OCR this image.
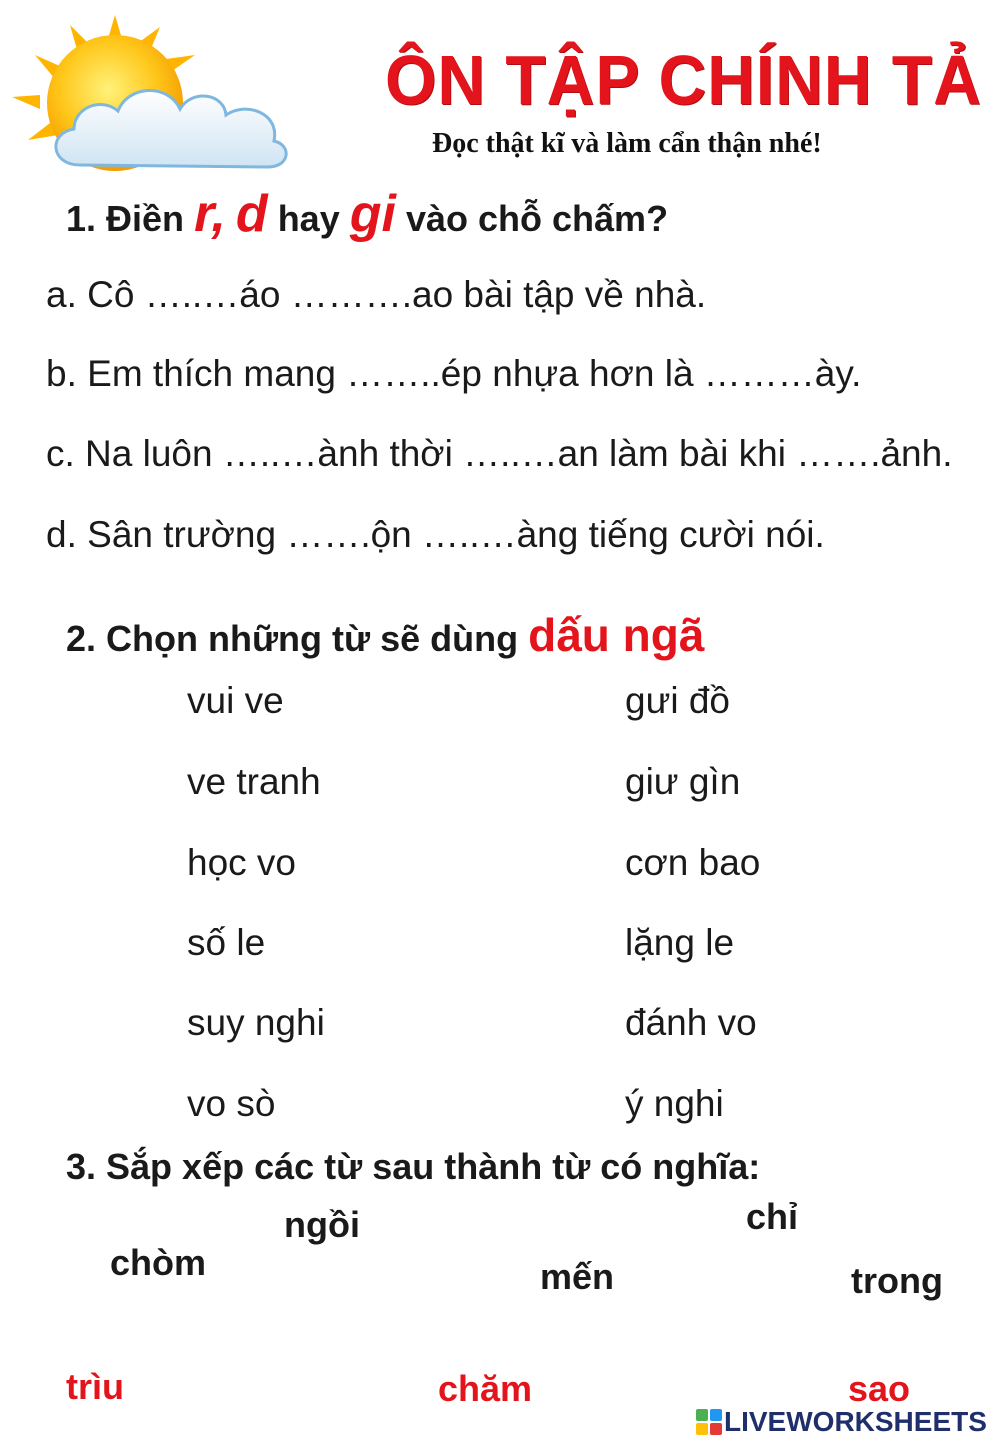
ÔN TẬP CHÍNH TẢ
Đọc thật kĩ và làm cẩn thận nhé!
1. Điền r, d hay gi vào chỗ chấm?
a. Cô …..…áo ……….ao bài tập về nhà.
b. Em thích mang ……..ép nhựa hơn là ………ày.
c. Na luôn …..…ành thời …..…an làm bài khi …….ảnh.
d. Sân trường …….ộn …..…àng tiếng cười nói.
2. Chọn những từ sẽ dùng dấu ngã
vui ve
ve tranh
học vo
số le
suy nghi
vo sò
gưi đồ
giư gìn
cơn bao
lặng le
đánh vo
ý nghi
3. Sắp xếp các từ sau thành từ có nghĩa:
ngồi	chỉ
chòm	mến	trong
trìu	chăm	sao
LIVEWORKSHEETS
